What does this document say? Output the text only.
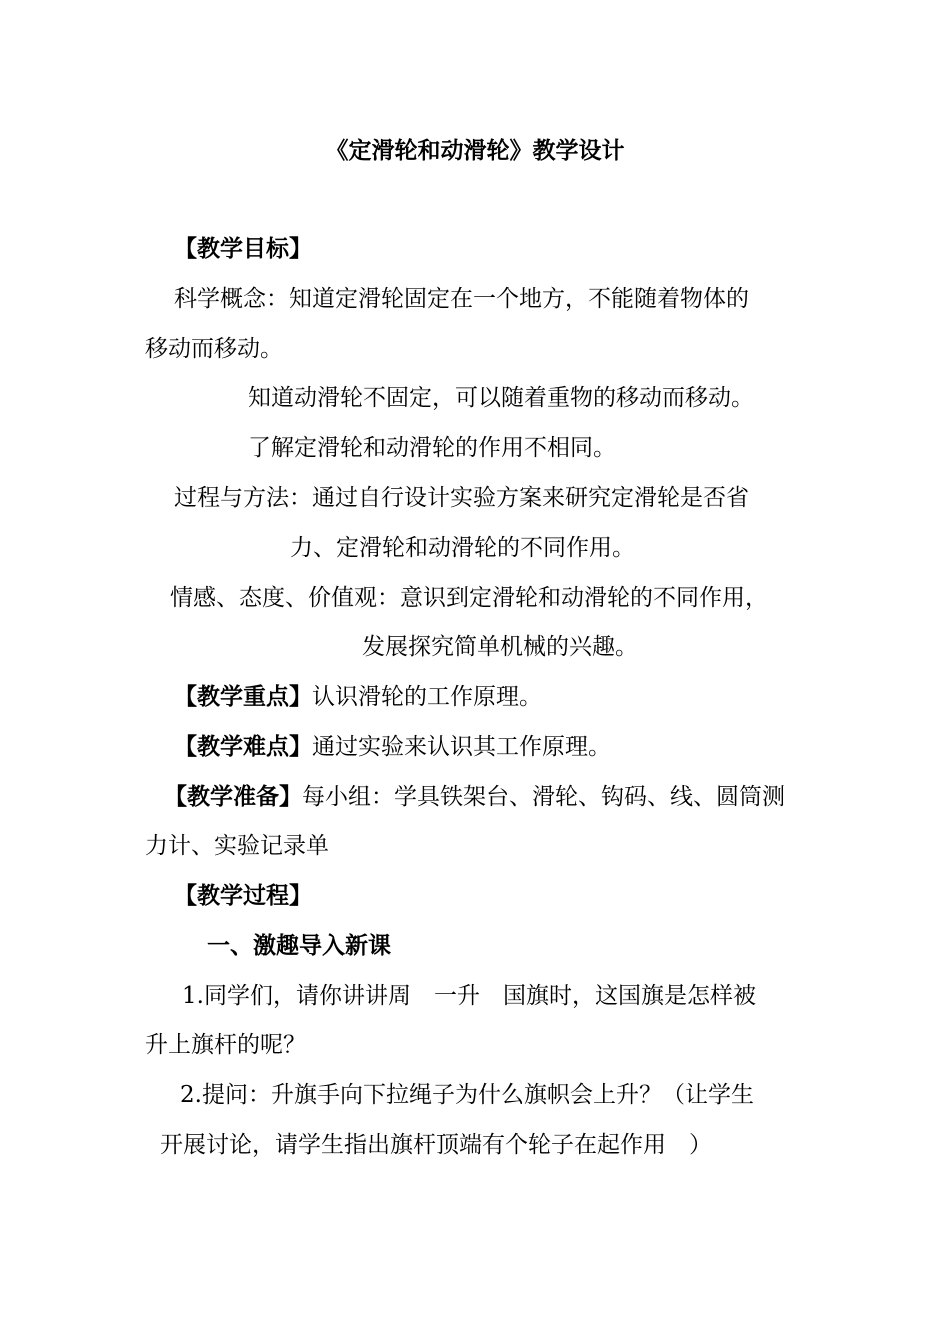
《定滑轮和动滑轮》教学设计
【教学目标】
科学概念：知道定滑轮固定在一个地方，不能随着物体的
移动而移动。
知道动滑轮不固定，可以随着重物的移动而移动。
了解定滑轮和动滑轮的作用不相同。
过程与方法：通过自行设计实验方案来研究定滑轮是否省
力、定滑轮和动滑轮的不同作用。
情感、态度、价值观：意识到定滑轮和动滑轮的不同作用，
发展探究简单机械的兴趣。
【教学重点】认识滑轮的工作原理。
【教学难点】通过实验来认识其工作原理。
【教学准备】每小组：学具铁架台、滑轮、钩码、线、圆筒测
力计、实验记录单
【教学过程】
一、激趣导入新课
1.同学们，请你讲讲周　一升　国旗时，这国旗是怎样被
升上旗杆的呢？
2.提问：升旗手向下拉绳子为什么旗帜会上升？（让学生
开展讨论，请学生指出旗杆顶端有个轮子在起作用　）
